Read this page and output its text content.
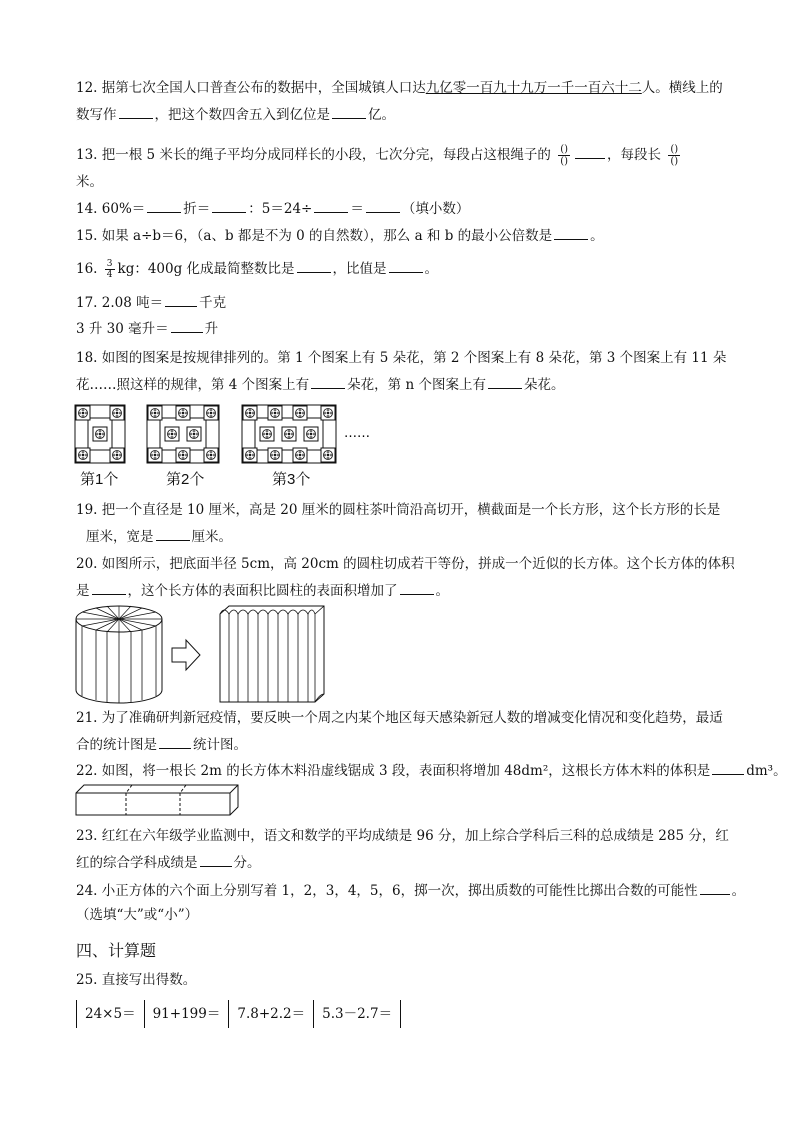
12. 据第七次全国人口普查公布的数据中，全国城镇人口达九亿零一百九十九万一千一百六十二人。横线上的
数写作	，把这个数四舍五入到亿位是	亿。
13. 把一根 5 米长的绳子平均分成同样长的小段，七次分完，每段占这根绳子的 $\frac{()}{()}$	，每段长 $\frac{()}{()}$
米。
14. 60%＝	折＝	：5＝24÷	＝	（填小数）
15. 如果 a÷b＝6，（a、b 都是不为 0 的自然数），那么 a 和 b 的最小公倍数是	。
16. $\frac{3}{4}$ kg：400g 化成最简整数比是	，比值是	。
17. 2.08 吨＝	千克
3 升 30 毫升＝	升
18. 如图的图案是按规律排列的。第 1 个图案上有 5 朵花，第 2 个图案上有 8 朵花，第 3 个图案上有 11 朵
花……照这样的规律，第 4 个图案上有	朵花，第 n 个图案上有	朵花。
……
第1个	第2个	第3个
19. 把一个直径是 10 厘米，高是 20 厘米的圆柱茶叶筒沿高切开，横截面是一个长方形，这个长方形的长是
厘米，宽是	厘米。
20. 如图所示，把底面半径 5cm，高 20cm 的圆柱切成若干等份，拼成一个近似的长方体。这个长方体的体积
是	，这个长方体的表面积比圆柱的表面积增加了	。
21. 为了准确研判新冠疫情，要反映一个周之内某个地区每天感染新冠人数的增减变化情况和变化趋势，最适
合的统计图是	统计图。
22. 如图，将一根长 2m 的长方体木料沿虚线锯成 3 段，表面积将增加 48dm²，这根长方体木料的体积是	dm³。
23. 红红在六年级学业监测中，语文和数学的平均成绩是 96 分，加上综合学科后三科的总成绩是 285 分，红
红的综合学科成绩是	分。
24. 小正方体的六个面上分别写着 1，2，3，4，5，6，掷一次，掷出质数的可能性比掷出合数的可能性	。
（选填“大”或“小”）
四、计算题
25. 直接写出得数。
24×5＝	91+199＝	7.8+2.2＝	5.3－2.7＝
